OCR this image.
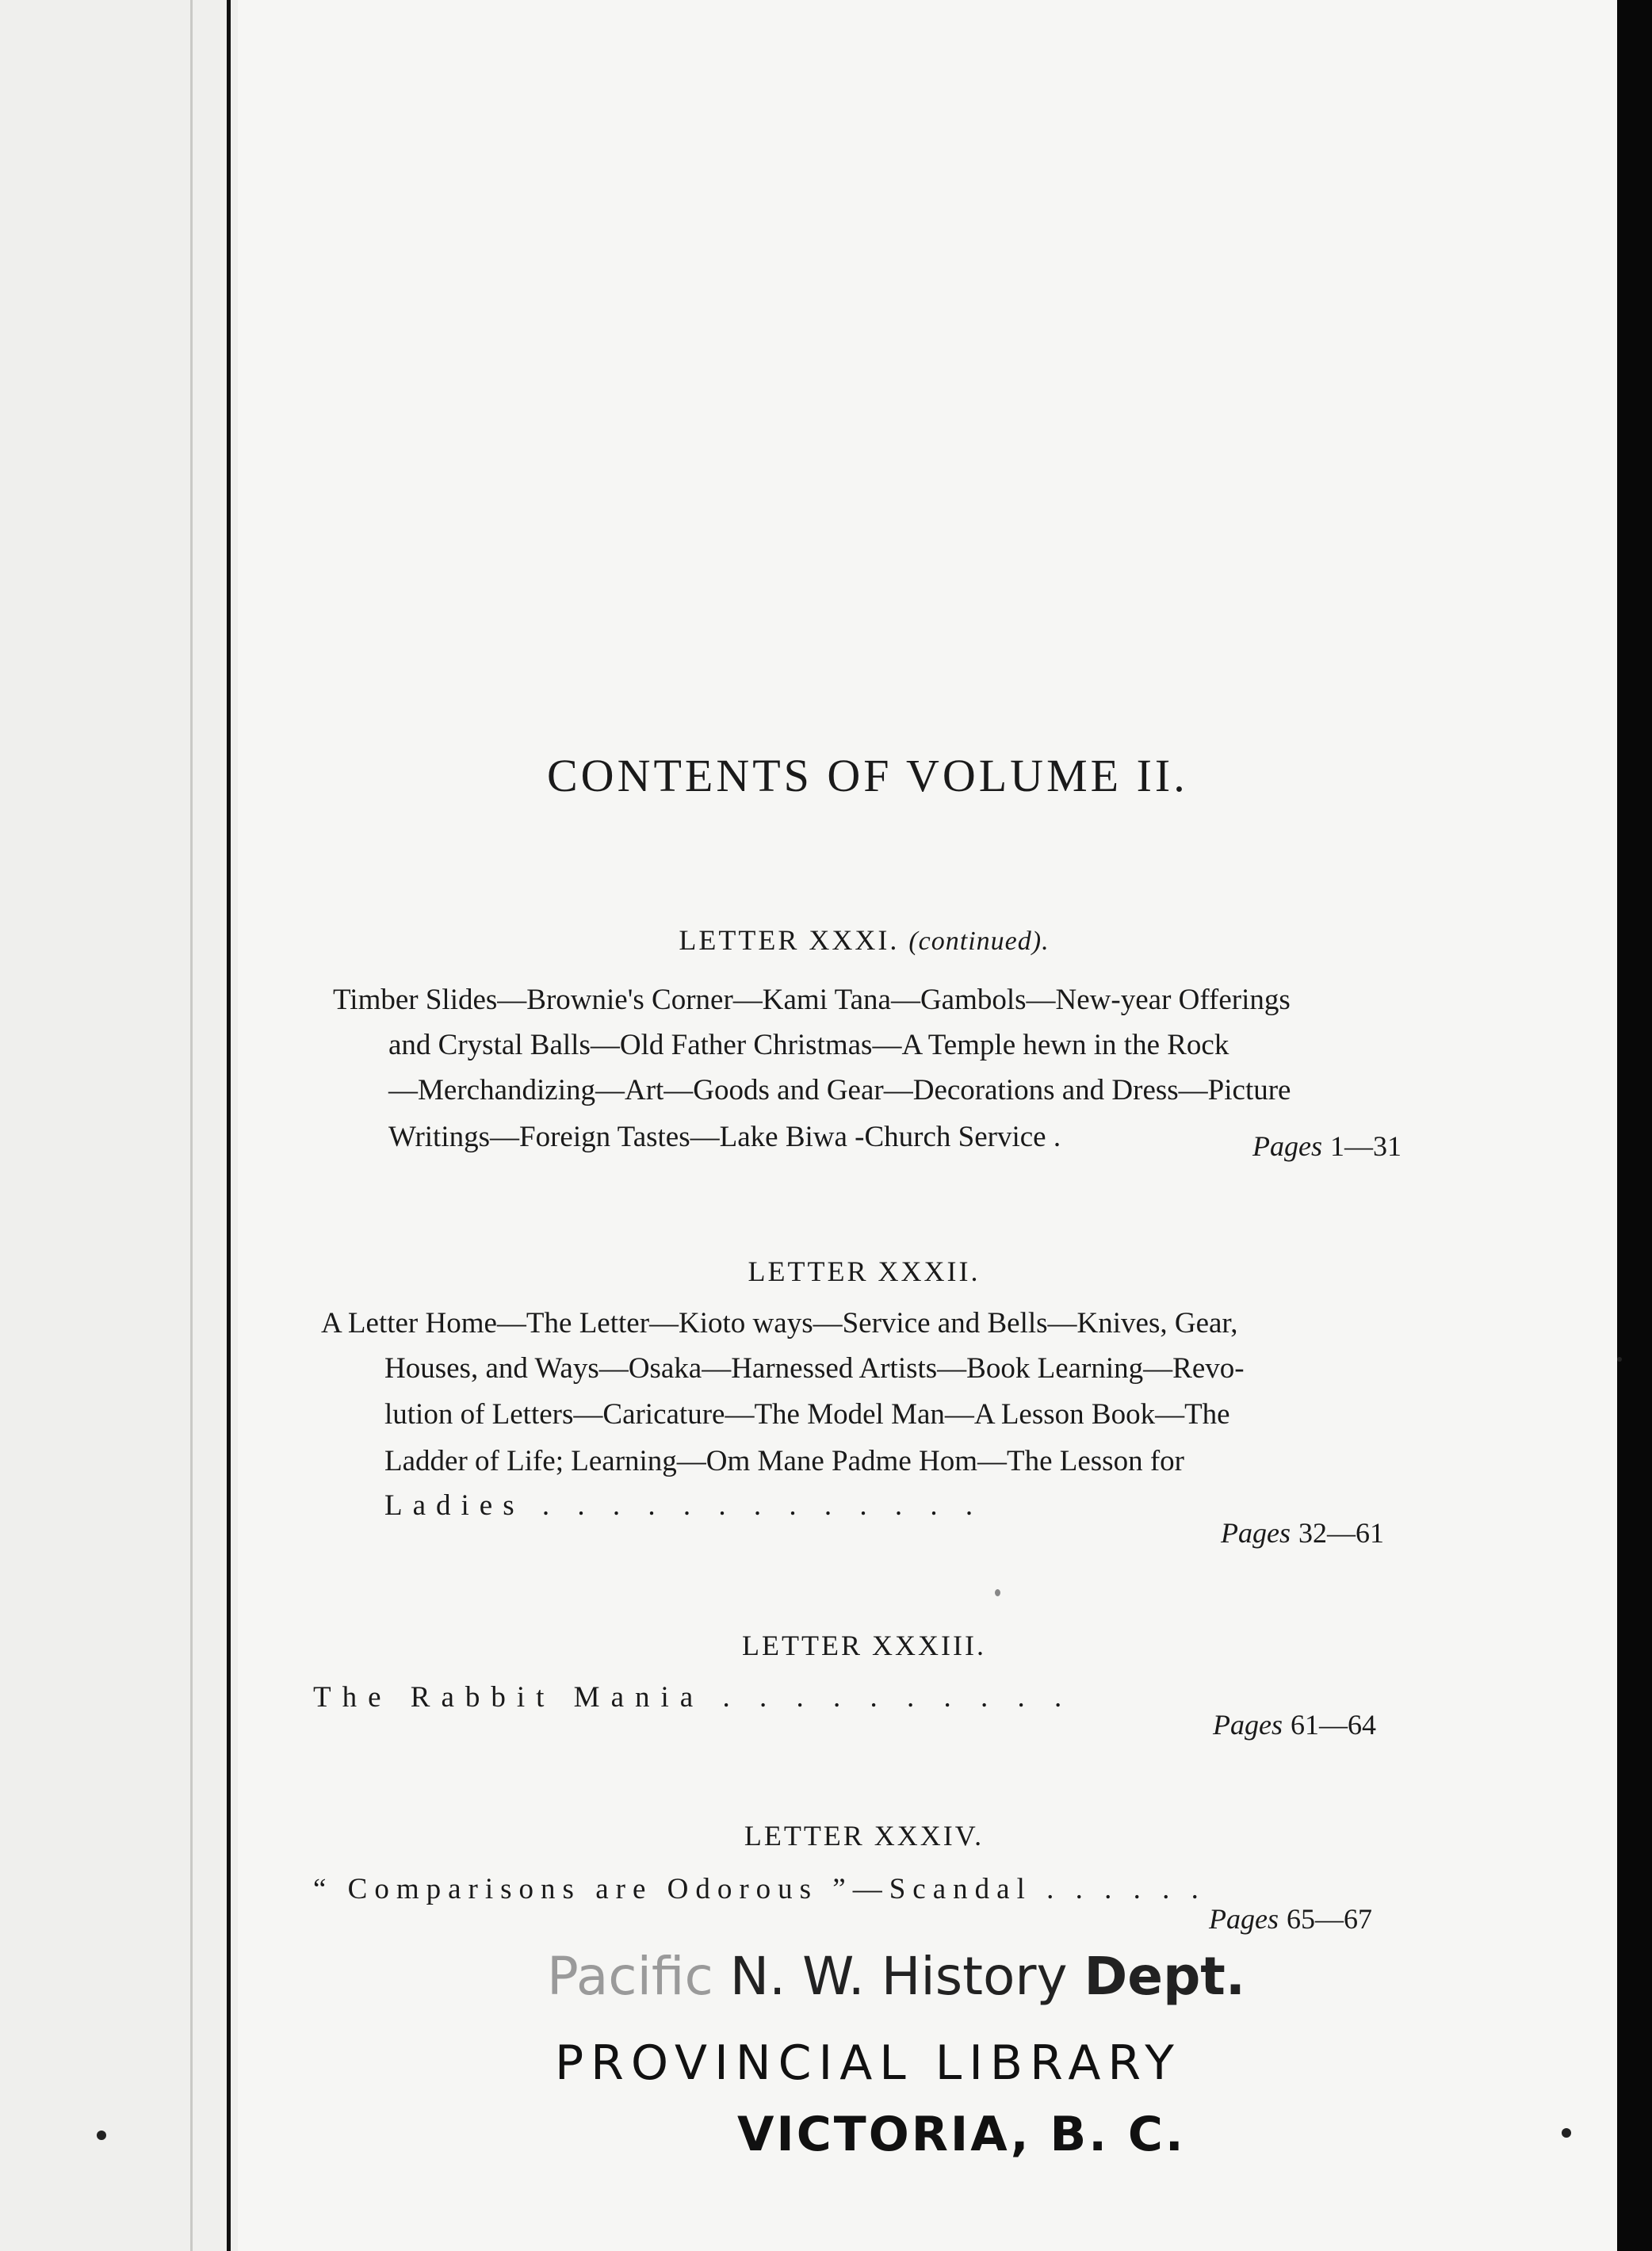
CONTENTS OF VOLUME II.
LETTER XXXI. (continued).
Timber Slides—Brownie's Corner—Kami Tana—Gambols—New-year Offerings
and Crystal Balls—Old Father Christmas—A Temple hewn in the Rock
—Merchandizing—Art—Goods and Gear—Decorations and Dress—Picture
Writings—Foreign Tastes—Lake Biwa -Church Service .	Pages 1—31
LETTER XXXII.
A Letter Home—The Letter—Kioto ways—Service and Bells—Knives, Gear,
Houses, and Ways—Osaka—Harnessed Artists—Book Learning—Revo-
lution of Letters—Caricature—The Model Man—A Lesson Book—The
Ladder of Life; Learning—Om Mane Padme Hom—The Lesson for
Ladies . . . . . . . . . . . . .
Pages 32—61
LETTER XXXIII.
The Rabbit Mania . . . . . . . . . .
Pages 61—64
LETTER XXXIV.
“ Comparisons are Odorous ”—Scandal . . . . . .
Pages 65—67
Pacific N. W. History Dept.
PROVINCIAL LIBRARY
VICTORIA, B. C.
